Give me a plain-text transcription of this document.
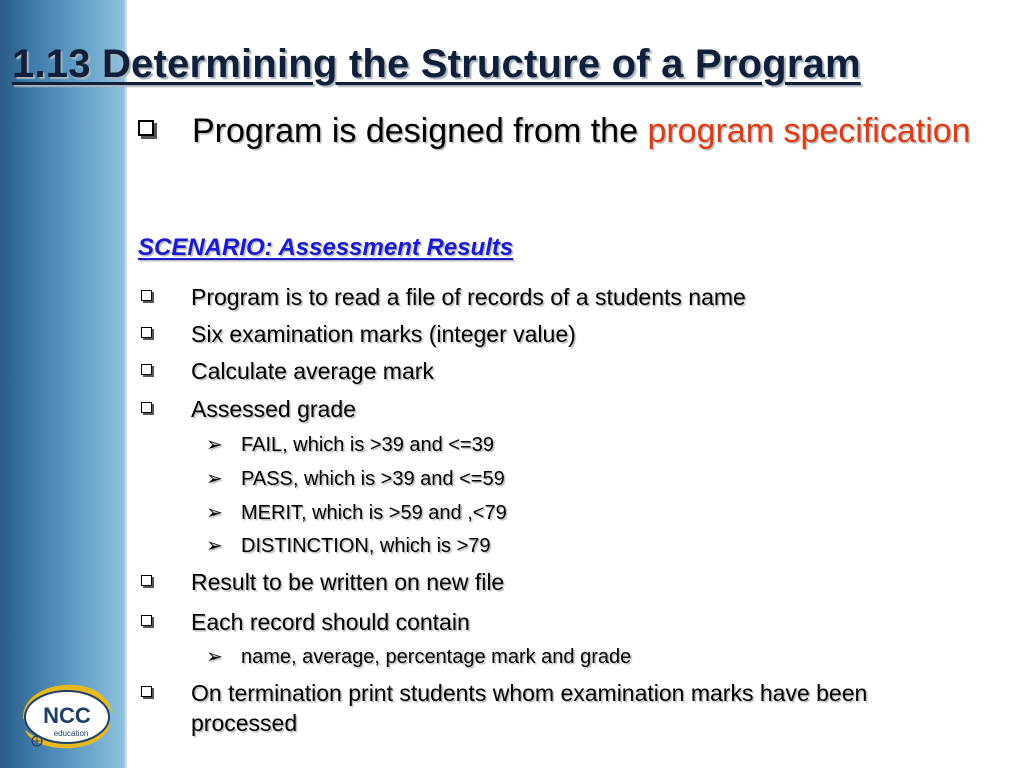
NCC
education
1.13 Determining the Structure of a Program
Program is designed from the program specification
SCENARIO: Assessment Results
Program is to read a file of records of a students name
Six examination marks (integer value)
Calculate average mark
Assessed grade
➢ FAIL, which is >39 and <=39
➢ PASS, which is >39 and <=59
➢ MERIT, which is >59 and ,<79
➢ DISTINCTION, which is >79
Result to be written on new file
Each record should contain
➢ name, average, percentage mark and grade
On termination print students whom examination marks have been processed
